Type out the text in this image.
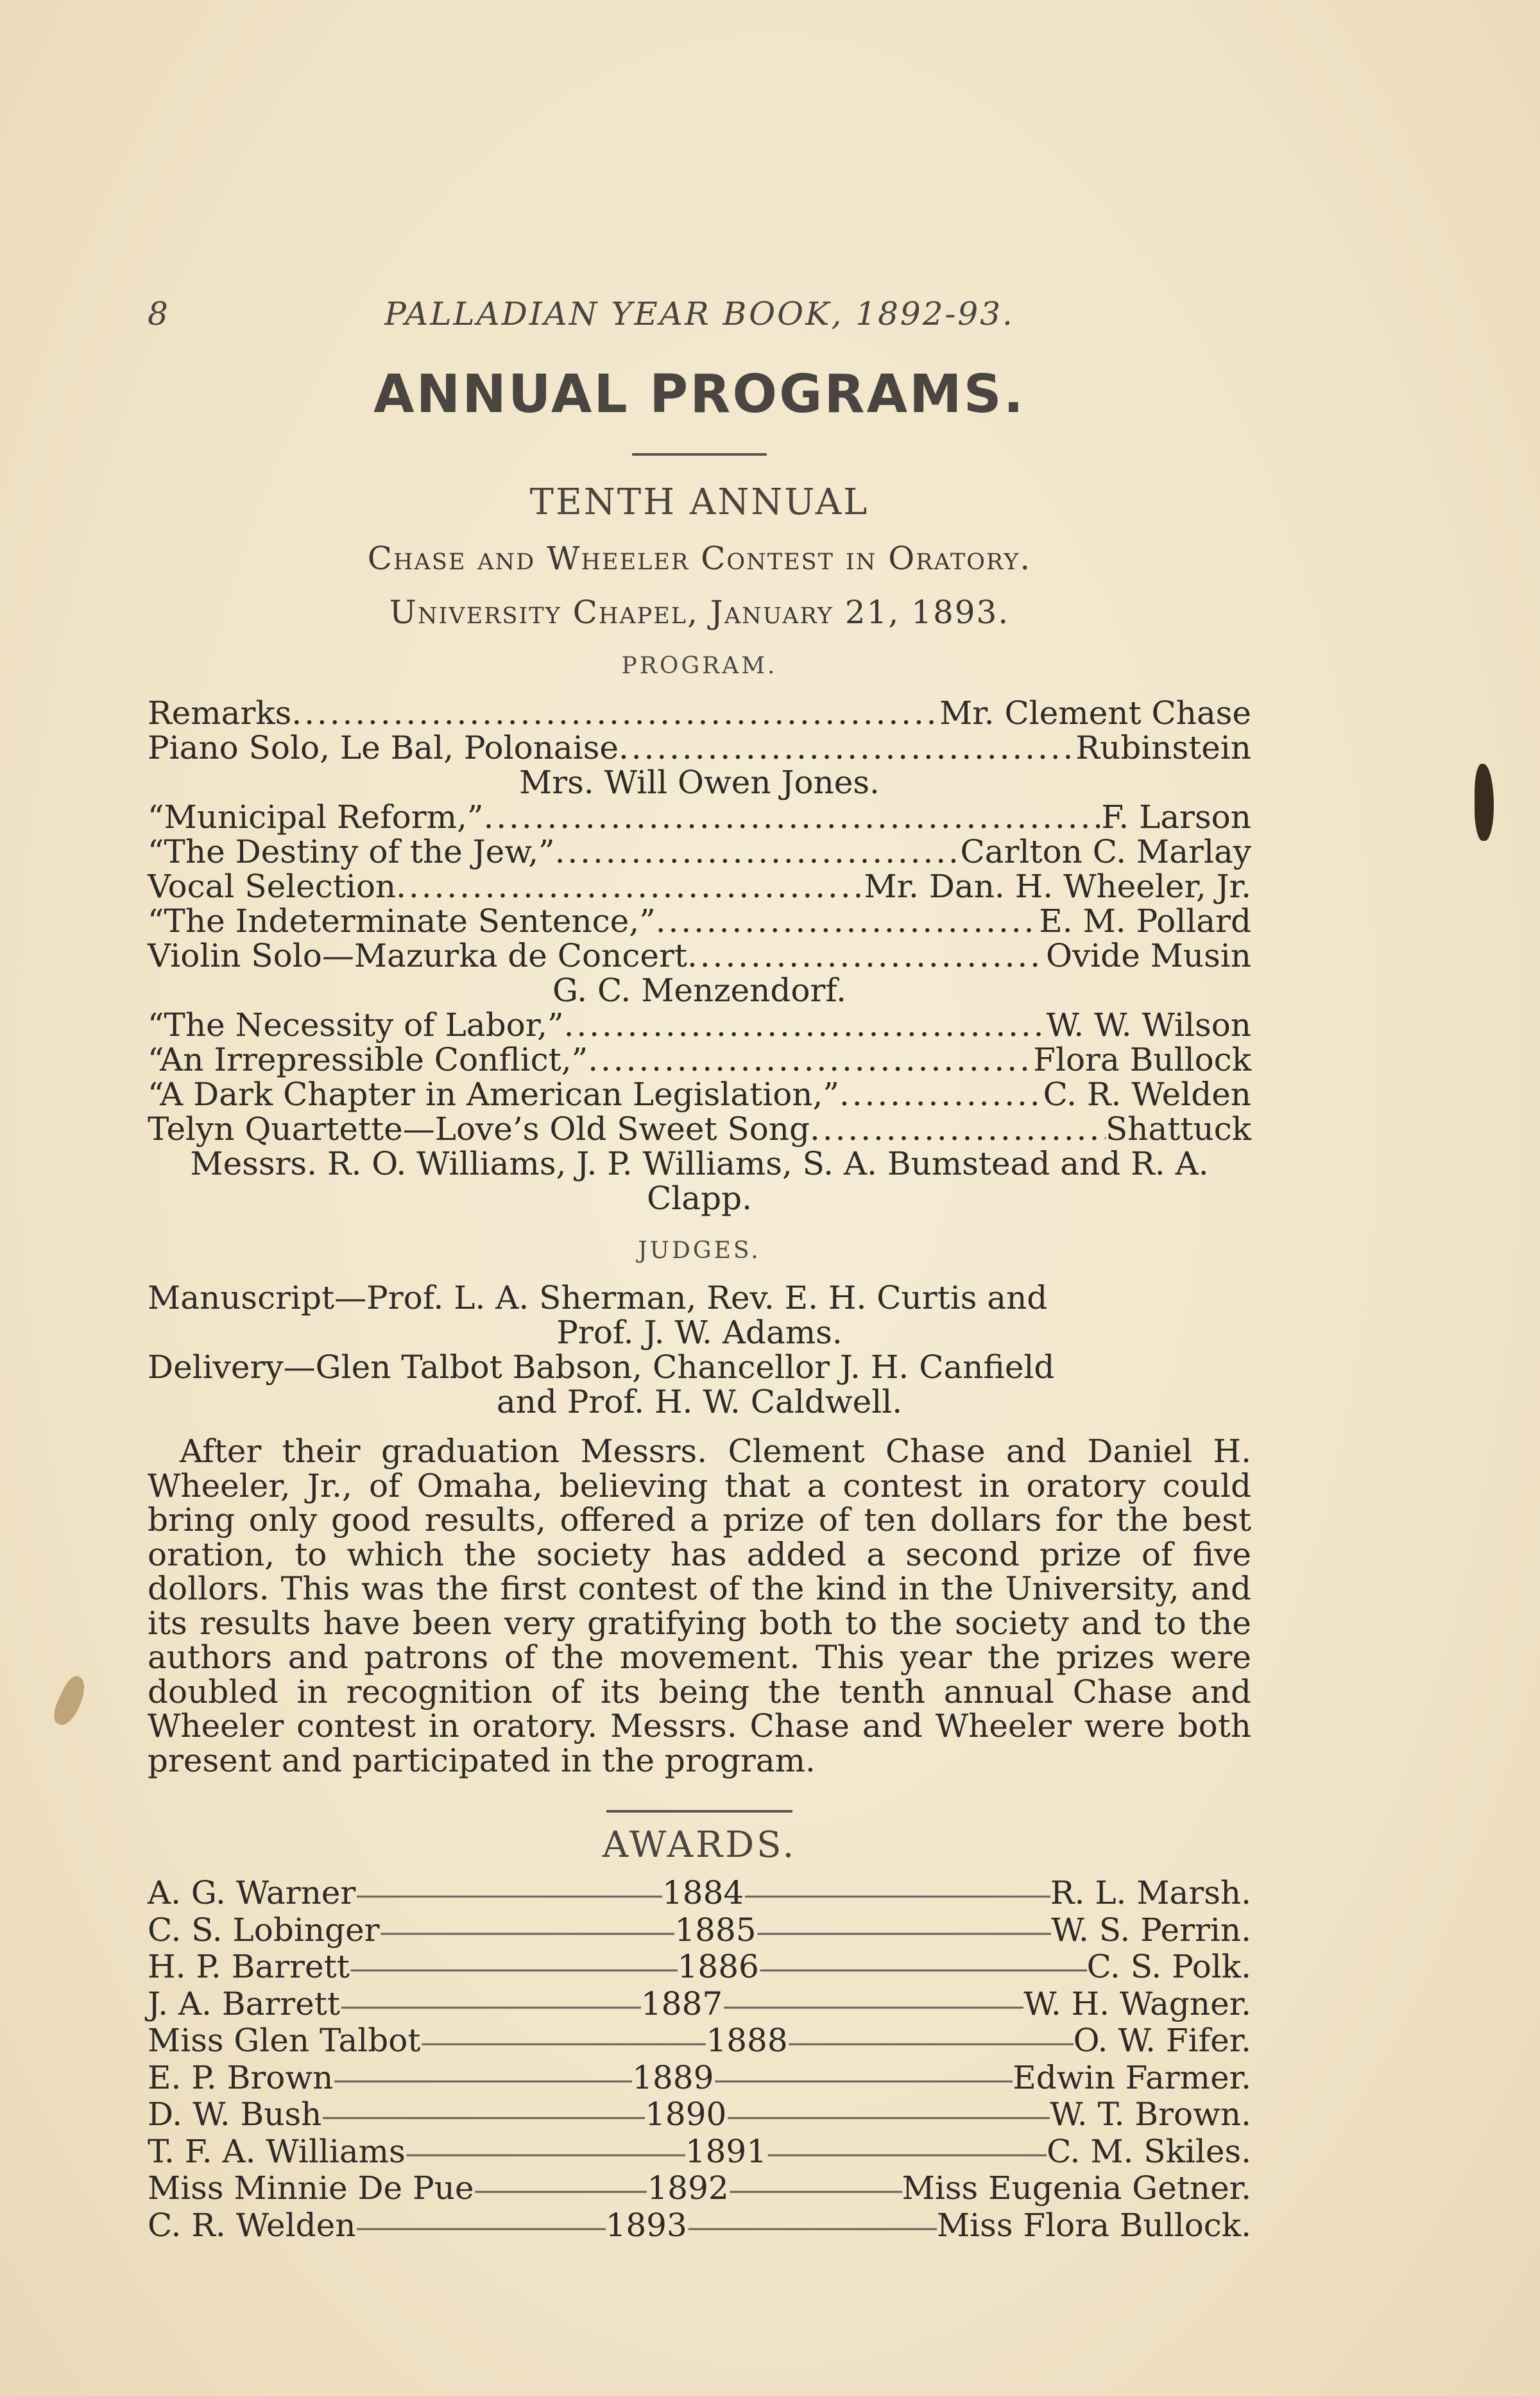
8	PALLADIAN YEAR BOOK, 1892-93.
ANNUAL PROGRAMS.
TENTH ANNUAL
Chase and Wheeler Contest in Oratory.
University Chapel, January 21, 1893.
PROGRAM.
Remarks . . .	Mr. Clement Chase
Piano Solo, Le Bal, Polonaise . . .	Rubinstein
Mrs. Will Owen Jones.
“Municipal Reform,” . . .	F. Larson
“The Destiny of the Jew,” . . .	Carlton C. Marlay
Vocal Selection . . .	Mr. Dan. H. Wheeler, Jr.
“The Indeterminate Sentence,” . . .	E. M. Pollard
Violin Solo—Mazurka de Concert . . .	Ovide Musin
G. C. Menzendorf.
“The Necessity of Labor,” . . .	W. W. Wilson
“An Irrepressible Conflict,” . . .	Flora Bullock
“A Dark Chapter in American Legislation,” . . .	C. R. Welden
Telyn Quartette—Love’s Old Sweet Song . . .	Shattuck
Messrs. R. O. Williams, J. P. Williams, S. A. Bumstead and R. A. Clapp.
JUDGES.
Manuscript—Prof. L. A. Sherman, Rev. E. H. Curtis and
Prof. J. W. Adams.
Delivery—Glen Talbot Babson, Chancellor J. H. Canfield
and Prof. H. W. Caldwell.

After their graduation Messrs. Clement Chase and Daniel H. Wheeler, Jr., of Omaha, believing that a contest in oratory could bring only good results, offered a prize of ten dollars for the best oration, to which the society has added a second prize of five dollors. This was the first contest of the kind in the University, and its results have been very gratifying both to the society and to the authors and patrons of the movement. This year the prizes were doubled in recognition of its being the tenth annual Chase and Wheeler contest in oratory. Messrs. Chase and Wheeler were both present and participated in the program.

AWARDS.
A. G. Warner -----	1884 -----	R. L. Marsh.
C. S. Lobinger -----	1885 -----	W. S. Perrin.
H. P. Barrett -----	1886 -----	C. S. Polk.
J. A. Barrett -----	1887 -----	W. H. Wagner.
Miss Glen Talbot -----	1888 -----	O. W. Fifer.
E. P. Brown -----	1889 -----	Edwin Farmer.
D. W. Bush -----	1890 -----	W. T. Brown.
T. F. A. Williams -----	1891 -----	C. M. Skiles.
Miss Minnie De Pue -----	1892 -----	Miss Eugenia Getner.
C. R. Welden -----	1893 -----	Miss Flora Bullock.
